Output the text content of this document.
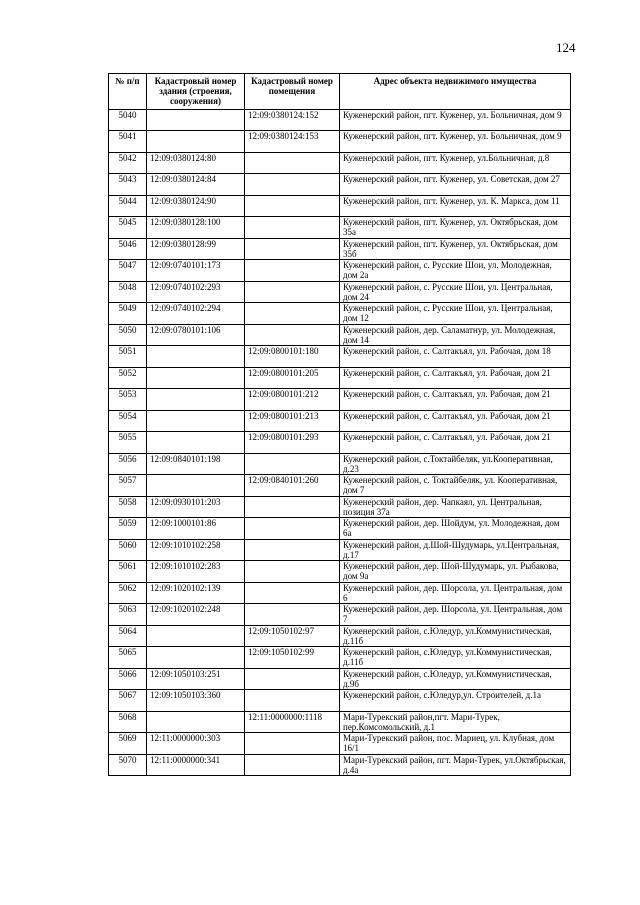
124
№ п/п	Кадастровый номер здания (строения, сооружения)	Кадастровый номер помещения	Адрес объекта недвижимого имущества
5040		12:09:0380124:152	Куженерский район, пгт. Куженер, ул. Больничная, дом 9
5041		12:09:0380124:153	Куженерский район, пгт. Куженер, ул. Больничная, дом 9
5042	12:09:0380124:80		Куженерский район, пгт. Куженер, ул.Больничная, д.8
5043	12:09:0380124:84		Куженерский район, пгт. Куженер, ул. Советская, дом 27
5044	12:09:0380124:90		Куженерский район, пгт. Куженер, ул. К. Маркса, дом 11
5045	12:09:0380128:100		Куженерский район, пгт. Куженер, ул. Октябрьская, дом 35а
5046	12:09:0380128:99		Куженерский район, пгт. Куженер, ул. Октябрьская, дом 35б
5047	12:09:0740101:173		Куженерский район, с. Русские Шои, ул. Молодежная, дом 2а
5048	12:09:0740102:293		Куженерский район, с. Русские Шои, ул. Центральная, дом 24
5049	12:09:0740102:294		Куженерский район, с. Русские Шои, ул. Центральная, дом 12
5050	12:09:0780101:106		Куженерский район, дер. Саламатнур, ул. Молодежная, дом 14
5051		12:09:0800101:180	Куженерский район, с. Салтакъял, ул. Рабочая, дом 18
5052		12:09:0800101:205	Куженерский район, с. Салтакъял, ул. Рабочая, дом 21
5053		12:09:0800101:212	Куженерский район, с. Салтакъял, ул. Рабочая, дом 21
5054		12:09:0800101:213	Куженерский район, с. Салтакъял, ул. Рабочая, дом 21
5055		12:09:0800101:293	Куженерский район, с. Салтакъял, ул. Рабочая, дом 21
5056	12:09:0840101:198		Куженерский район, с.Токтайбеляк, ул.Кооперативная, д.23
5057		12:09:0840101:260	Куженерский район, с. Токтайбеляк, ул. Кооперативная, дом 7
5058	12:09:0930101:203		Куженерский район, дер. Чапкаял, ул. Центральная, позиция 37а
5059	12:09:1000101:86		Куженерский район, дер. Шойдум, ул. Молодежная, дом 6а
5060	12:09:1010102:258		Куженерский район, д.Шой-Шудумарь, ул.Центральная, д.17
5061	12:09:1010102:283		Куженерский район, дер. Шой-Шудумарь, ул. Рыбакова, дом 9а
5062	12:09:1020102:139		Куженерский район, дер. Шорсола, ул. Центральная, дом 6
5063	12:09:1020102:248		Куженерский район, дер. Шорсола, ул. Центральная, дом 7
5064		12:09:1050102:97	Куженерский район, с.Юледур, ул.Коммунистическая, д.11б
5065		12:09:1050102:99	Куженерский район, с.Юледур, ул.Коммунистическая, д.11б
5066	12:09:1050103:251		Куженерский район, с.Юледур, ул.Коммунистическая, д.9б
5067	12:09:1050103:360		Куженерский район, с.Юледур,ул. Строителей, д.1а
5068		12:11:0000000:1118	Мари-Турекский район,пгт. Мари-Турек, пер.Комсомольский, д.1
5069	12:11:0000000:303		Мари-Турекский район, пос. Мариец, ул. Клубная, дом 16/1
5070	12:11:0000000:341		Мари-Турекский район, пгт. Мари-Турек, ул.Октябрьская, д.4а
